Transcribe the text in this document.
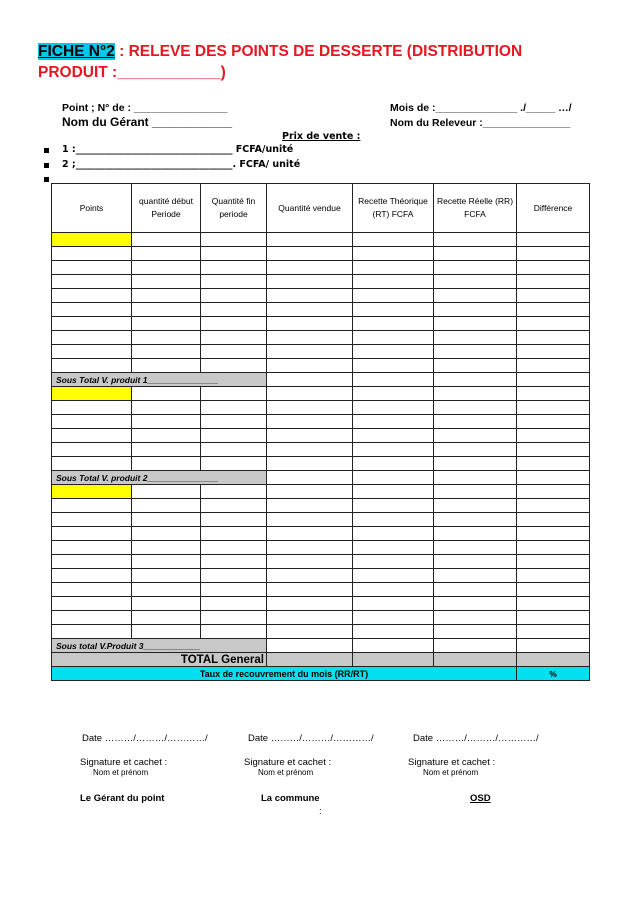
FICHE N°2 : RELEVE DES POINTS DE DESSERTE (DISTRIBUTION
PRODUIT :____________)
Point ; N° de : ________________
Nom du Gérant ____________
Mois de :______________ ./_____ …/
Nom du Releveur :_______________
Prix de vente :
1 :_________________________________ FCFA/unité
2 ;_________________________________. FCFA/ unité
Points	quantité début Periode	Quantité fin periode	Quantité vendue	Recette Théorique (RT) FCFA	Recette Réelle (RR) FCFA	Différence

Sous Total V. produit 1_______________						

Sous Total V. produit 2_______________						

Sous total V.Produit 3____________						
TOTAL General						
Taux de recouvrement du mois (RR/RT)						%
Date ………/………/…………/	Date ………/………/…………/	Date ………/………/…………/
Signature et cachet :	Signature et cachet :	Signature et cachet :
Nom et prénom	Nom et prénom	Nom et prénom
Le Gérant du point	La commune	OSD
:
